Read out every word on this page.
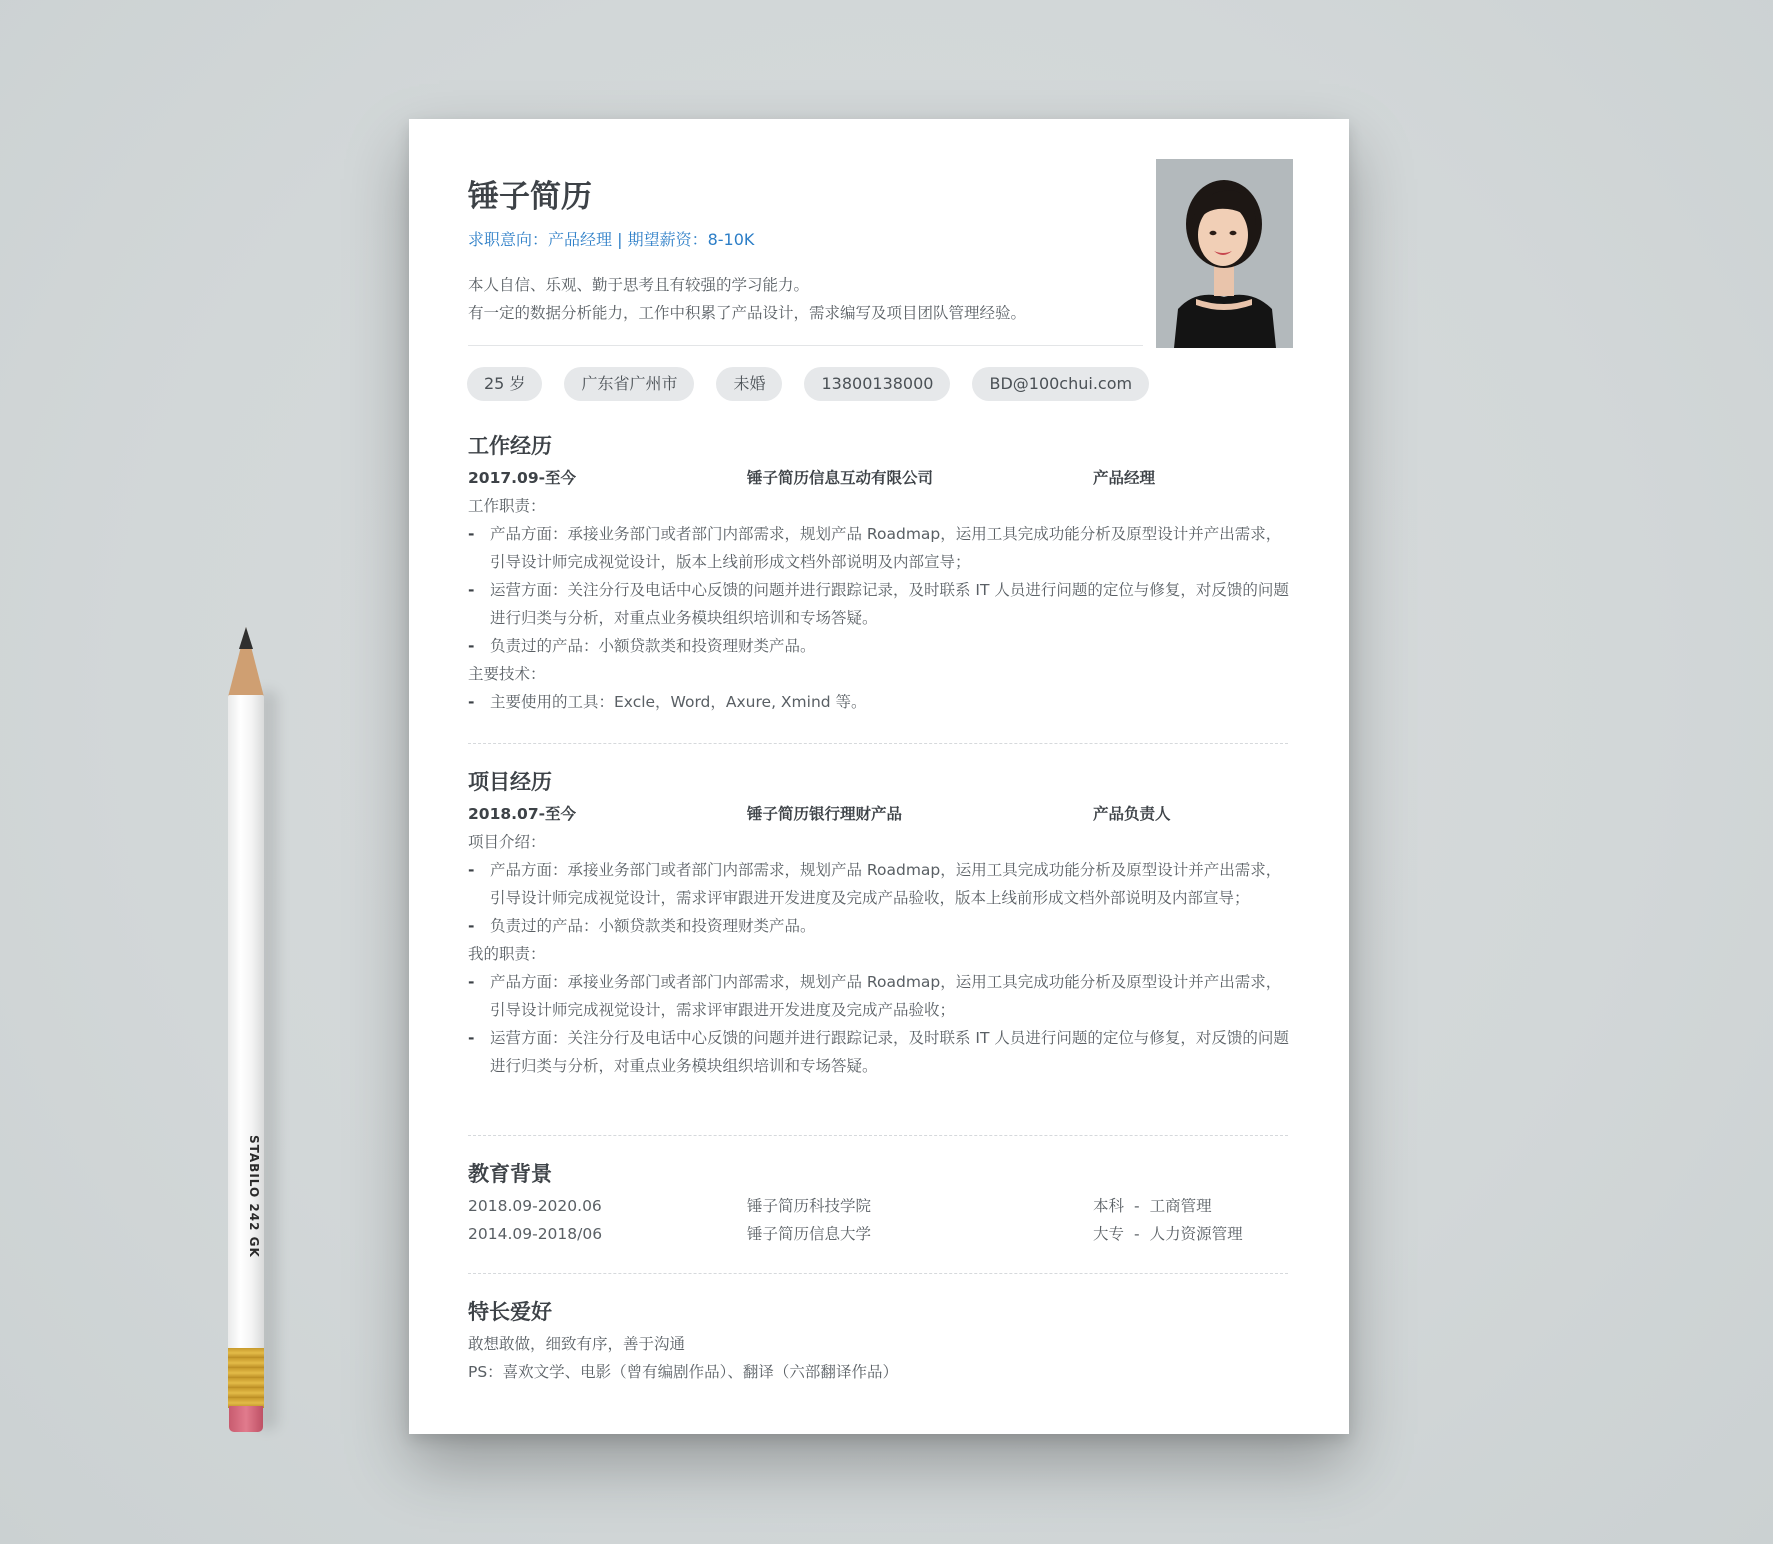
STABILO 242 GK
锤子简历
求职意向：产品经理 | 期望薪资：8-10K

本人自信、乐观、勤于思考且有较强的学习能力。

有一定的数据分析能力，工作中积累了产品设计，需求编写及项目团队管理经验。

25 岁	广东省广州市	未婚	13800138000	BD@100chui.com
工作经历
2017.09-至今	锤子简历信息互动有限公司	产品经理

工作职责：

- 产品方面：承接业务部门或者部门内部需求，规划产品 Roadmap，运用工具完成功能分析及原型设计并产出需求，引导设计师完成视觉设计，版本上线前形成文档外部说明及内部宣导；
- 运营方面：关注分行及电话中心反馈的问题并进行跟踪记录，及时联系 IT 人员进行问题的定位与修复，对反馈的问题进行归类与分析，对重点业务模块组织培训和专场答疑。
- 负责过的产品：小额贷款类和投资理财类产品。

主要技术：

- 主要使用的工具：Excle，Word，Axure, Xmind 等。
项目经历
2018.07-至今	锤子简历银行理财产品	产品负责人

项目介绍：

- 产品方面：承接业务部门或者部门内部需求，规划产品 Roadmap，运用工具完成功能分析及原型设计并产出需求，引导设计师完成视觉设计，需求评审跟进开发进度及完成产品验收，版本上线前形成文档外部说明及内部宣导；
- 负责过的产品：小额贷款类和投资理财类产品。

我的职责：

- 产品方面：承接业务部门或者部门内部需求，规划产品 Roadmap，运用工具完成功能分析及原型设计并产出需求，引导设计师完成视觉设计，需求评审跟进开发进度及完成产品验收；
- 运营方面：关注分行及电话中心反馈的问题并进行跟踪记录，及时联系 IT 人员进行问题的定位与修复，对反馈的问题进行归类与分析，对重点业务模块组织培训和专场答疑。
教育背景
2018.09-2020.06	锤子简历科技学院	本科 - 工商管理
2014.09-2018/06	锤子简历信息大学	大专 - 人力资源管理
特长爱好

敢想敢做，细致有序，善于沟通

PS：喜欢文学、电影（曾有编剧作品）、翻译（六部翻译作品）
